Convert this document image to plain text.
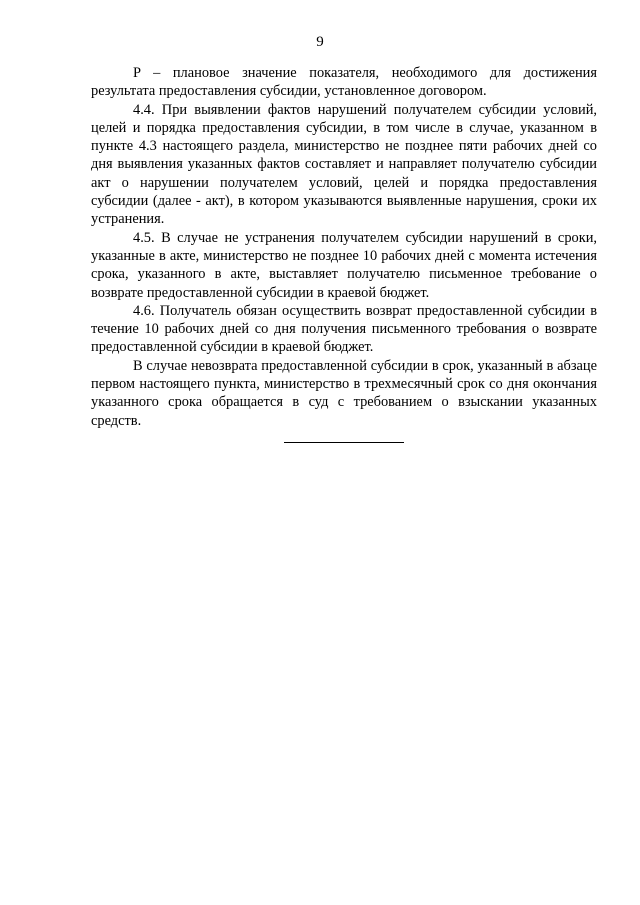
9

P – плановое значение показателя, необходимого для достижения результата предоставления субсидии, установленное договором.

4.4. При выявлении фактов нарушений получателем субсидии условий, целей и порядка предоставления субсидии, в том числе в случае, указанном в пункте 4.3 настоящего раздела, министерство не позднее пяти рабочих дней со дня выявления указанных фактов составляет и направляет получателю субсидии акт о нарушении получателем условий, целей и порядка предоставления субсидии (далее - акт), в котором указываются выявленные нарушения, сроки их устранения.

4.5. В случае не устранения получателем субсидии нарушений в сроки, указанные в акте, министерство не позднее 10 рабочих дней с момента истечения срока, указанного в акте, выставляет получателю письменное требование о возврате предоставленной субсидии в краевой бюджет.

4.6. Получатель обязан осуществить возврат предоставленной субсидии в течение 10 рабочих дней со дня получения письменного требования о возврате предоставленной субсидии в краевой бюджет.

В случае невозврата предоставленной субсидии в срок, указанный в абзаце первом настоящего пункта, министерство в трехмесячный срок со дня окончания указанного срока обращается в суд с требованием о взыскании указанных средств.
